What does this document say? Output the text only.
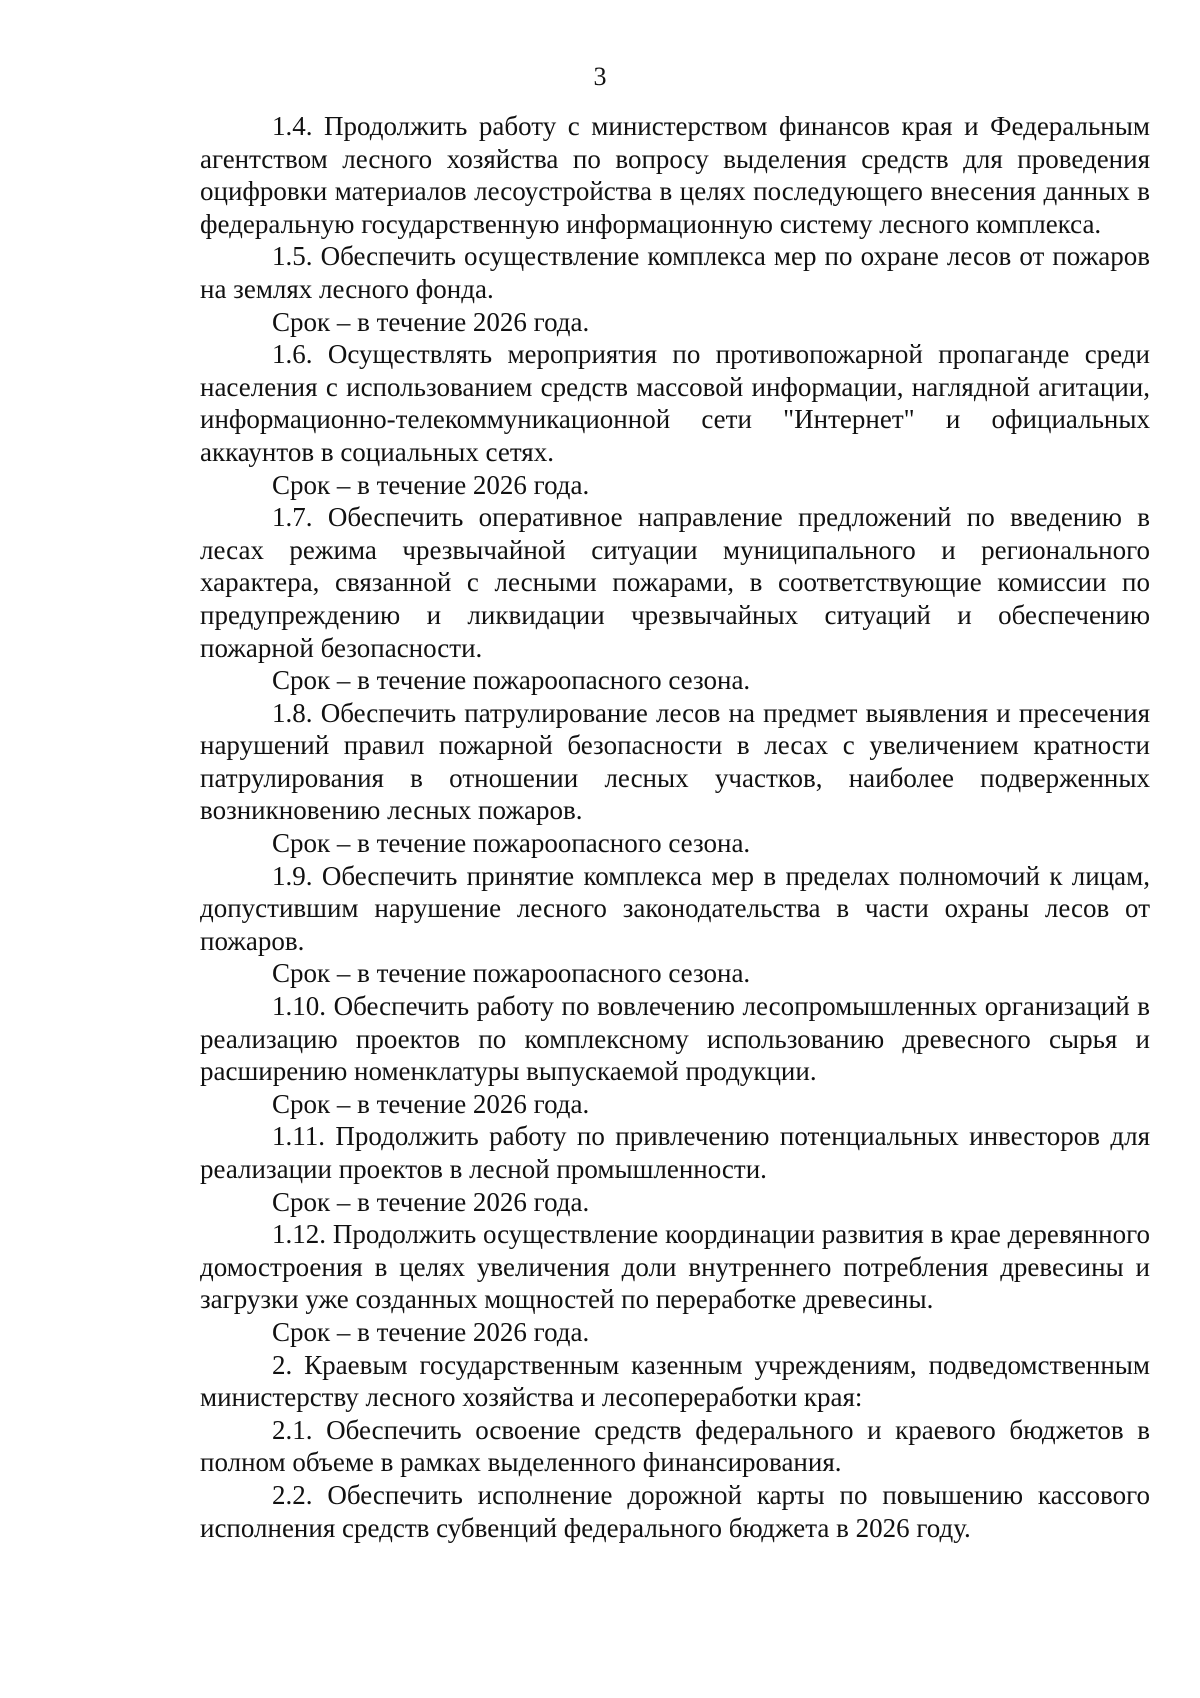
3

1.4. Продолжить работу с министерством финансов края и Федеральным агентством лесного хозяйства по вопросу выделения средств для проведения оцифровки материалов лесоустройства в целях последующего внесения данных в федеральную государственную информационную систему лесного комплекса.

1.5. Обеспечить осуществление комплекса мер по охране лесов от пожаров на землях лесного фонда.

Срок – в течение 2026 года.

1.6. Осуществлять мероприятия по противопожарной пропаганде среди населения с использованием средств массовой информации, наглядной агитации, информационно-телекоммуникационной сети "Интернет" и официальных аккаунтов в социальных сетях.

Срок – в течение 2026 года.

1.7. Обеспечить оперативное направление предложений по введению в лесах режима чрезвычайной ситуации муниципального и регионального характера, связанной с лесными пожарами, в соответствующие комиссии по предупреждению и ликвидации чрезвычайных ситуаций и обеспечению пожарной безопасности.

Срок – в течение пожароопасного сезона.

1.8. Обеспечить патрулирование лесов на предмет выявления и пресечения нарушений правил пожарной безопасности в лесах с увеличением кратности патрулирования в отношении лесных участков, наиболее подверженных возникновению лесных пожаров.

Срок – в течение пожароопасного сезона.

1.9. Обеспечить принятие комплекса мер в пределах полномочий к лицам, допустившим нарушение лесного законодательства в части охраны лесов от пожаров.

Срок – в течение пожароопасного сезона.

1.10. Обеспечить работу по вовлечению лесопромышленных организаций в реализацию проектов по комплексному использованию древесного сырья и расширению номенклатуры выпускаемой продукции.

Срок – в течение 2026 года.

1.11. Продолжить работу по привлечению потенциальных инвесторов для реализации проектов в лесной промышленности.

Срок – в течение 2026 года.

1.12. Продолжить осуществление координации развития в крае деревянного домостроения в целях увеличения доли внутреннего потребления древесины и загрузки уже созданных мощностей по переработке древесины.

Срок – в течение 2026 года.

2. Краевым государственным казенным учреждениям, подведомственным министерству лесного хозяйства и лесопереработки края:

2.1. Обеспечить освоение средств федерального и краевого бюджетов в полном объеме в рамках выделенного финансирования.

2.2. Обеспечить исполнение дорожной карты по повышению кассового исполнения средств субвенций федерального бюджета в 2026 году.
